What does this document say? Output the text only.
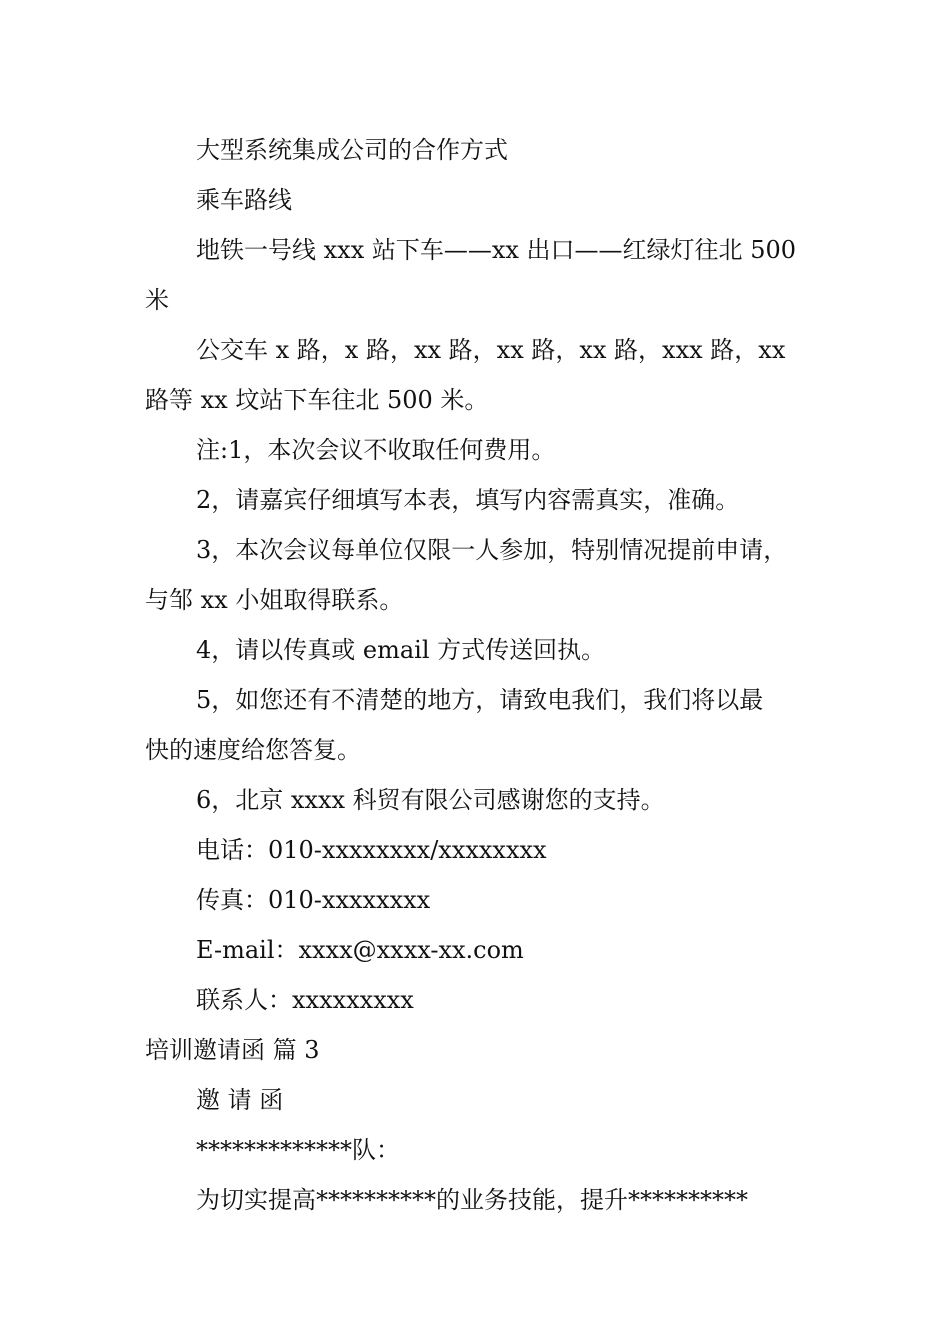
大型系统集成公司的合作方式
乘车路线
地铁一号线 xxx 站下车——xx 出口——红绿灯往北 500
米
公交车 x 路，x 路，xx 路，xx 路，xx 路，xxx 路，xx
路等 xx 坟站下车往北 500 米。
注:1，本次会议不收取任何费用。
2，请嘉宾仔细填写本表，填写内容需真实，准确。
3，本次会议每单位仅限一人参加，特别情况提前申请，
与邹 xx 小姐取得联系。
4，请以传真或 email 方式传送回执。
5，如您还有不清楚的地方，请致电我们，我们将以最
快的速度给您答复。
6，北京 xxxx 科贸有限公司感谢您的支持。
电话：010-xxxxxxxx/xxxxxxxx
传真：010-xxxxxxxx
E-mail：xxxx@xxxx-xx.com
联系人：xxxxxxxxx
培训邀请函 篇 3
邀 请 函
*************队：
为切实提高**********的业务技能，提升**********
